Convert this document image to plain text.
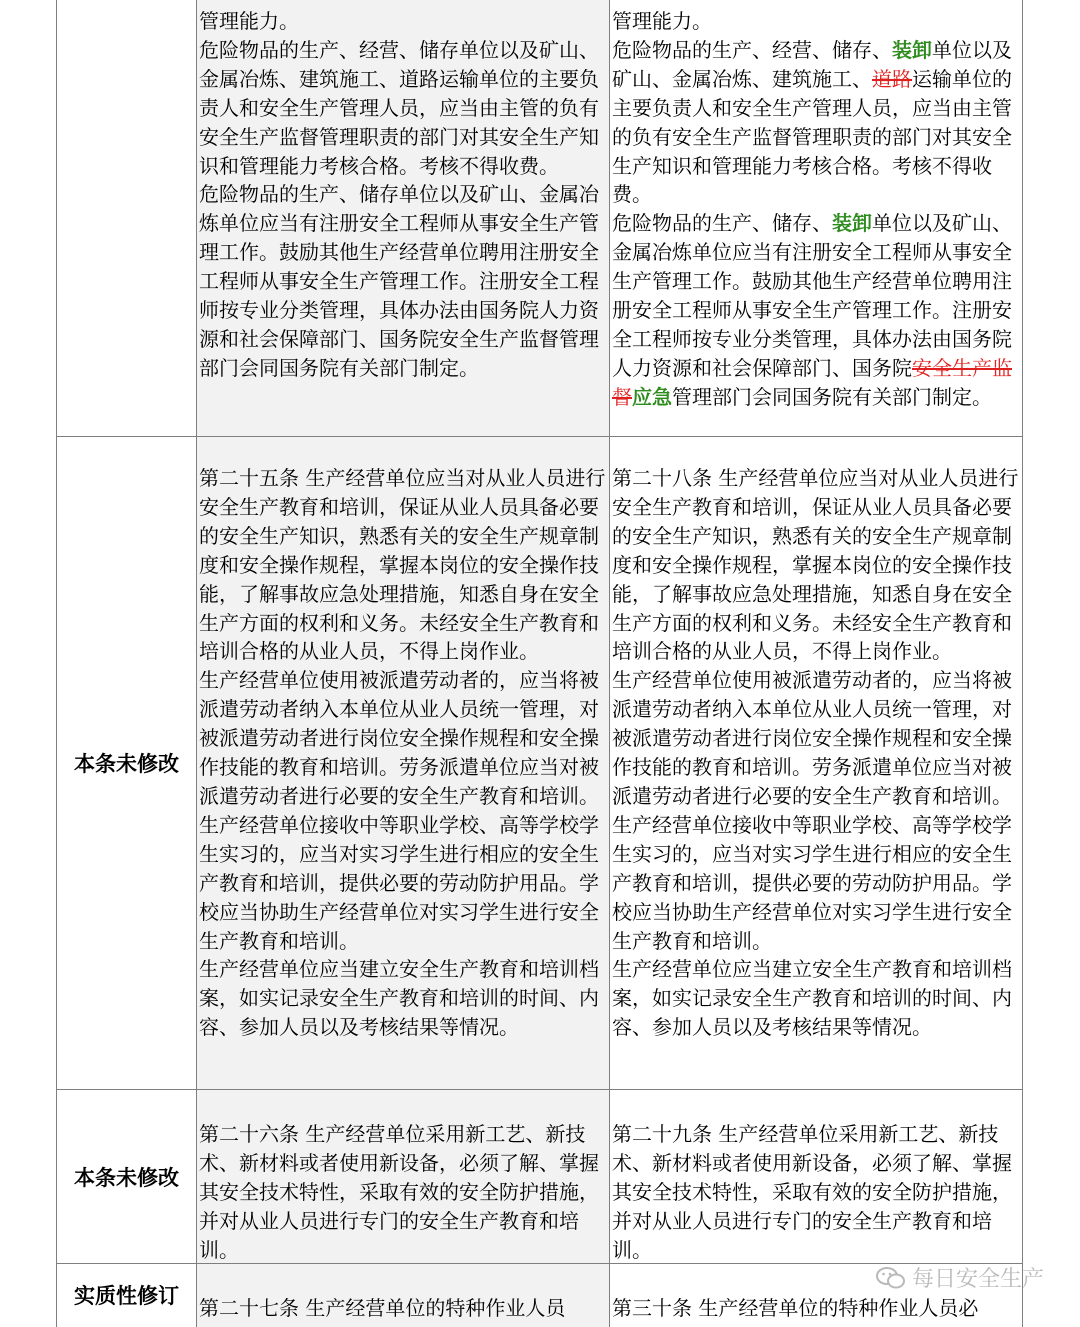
管理能力。

危险物品的生产、经营、储存单位以及矿山、金属冶炼、建筑施工、道路运输单位的主要负责人和安全生产管理人员，应当由主管的负有安全生产监督管理职责的部门对其安全生产知识和管理能力考核合格。考核不得收费。

危险物品的生产、储存单位以及矿山、金属冶炼单位应当有注册安全工程师从事安全生产管理工作。鼓励其他生产经营单位聘用注册安全工程师从事安全生产管理工作。注册安全工程师按专业分类管理，具体办法由国务院人力资源和社会保障部门、国务院安全生产监督管理部门会同国务院有关部门制定。

管理能力。

危险物品的生产、经营、储存、装卸单位以及矿山、金属冶炼、建筑施工、道路运输单位的主要负责人和安全生产管理人员，应当由主管的负有安全生产监督管理职责的部门对其安全生产知识和管理能力考核合格。考核不得收费。

危险物品的生产、储存、装卸单位以及矿山、金属冶炼单位应当有注册安全工程师从事安全生产管理工作。鼓励其他生产经营单位聘用注册安全工程师从事安全生产管理工作。注册安全工程师按专业分类管理，具体办法由国务院人力资源和社会保障部门、国务院安全生产监督应急管理部门会同国务院有关部门制定。

本条未修改

第二十五条 生产经营单位应当对从业人员进行安全生产教育和培训，保证从业人员具备必要的安全生产知识，熟悉有关的安全生产规章制度和安全操作规程，掌握本岗位的安全操作技能，了解事故应急处理措施，知悉自身在安全生产方面的权利和义务。未经安全生产教育和培训合格的从业人员，不得上岗作业。

生产经营单位使用被派遣劳动者的，应当将被派遣劳动者纳入本单位从业人员统一管理，对被派遣劳动者进行岗位安全操作规程和安全操作技能的教育和培训。劳务派遣单位应当对被派遣劳动者进行必要的安全生产教育和培训。

生产经营单位接收中等职业学校、高等学校学生实习的，应当对实习学生进行相应的安全生产教育和培训，提供必要的劳动防护用品。学校应当协助生产经营单位对实习学生进行安全生产教育和培训。

生产经营单位应当建立安全生产教育和培训档案，如实记录安全生产教育和培训的时间、内容、参加人员以及考核结果等情况。

第二十八条 生产经营单位应当对从业人员进行安全生产教育和培训，保证从业人员具备必要的安全生产知识，熟悉有关的安全生产规章制度和安全操作规程，掌握本岗位的安全操作技能，了解事故应急处理措施，知悉自身在安全生产方面的权利和义务。未经安全生产教育和培训合格的从业人员，不得上岗作业。

生产经营单位使用被派遣劳动者的，应当将被派遣劳动者纳入本单位从业人员统一管理，对被派遣劳动者进行岗位安全操作规程和安全操作技能的教育和培训。劳务派遣单位应当对被派遣劳动者进行必要的安全生产教育和培训。

生产经营单位接收中等职业学校、高等学校学生实习的，应当对实习学生进行相应的安全生产教育和培训，提供必要的劳动防护用品。学校应当协助生产经营单位对实习学生进行安全生产教育和培训。

生产经营单位应当建立安全生产教育和培训档案，如实记录安全生产教育和培训的时间、内容、参加人员以及考核结果等情况。

本条未修改

第二十六条 生产经营单位采用新工艺、新技术、新材料或者使用新设备，必须了解、掌握其安全技术特性，采取有效的安全防护措施，并对从业人员进行专门的安全生产教育和培训。

第二十九条 生产经营单位采用新工艺、新技术、新材料或者使用新设备，必须了解、掌握其安全技术特性，采取有效的安全防护措施，并对从业人员进行专门的安全生产教育和培训。

实质性修订	第二十七条 生产经营单位的特种作业人员	第三十条 生产经营单位的特种作业人员必

每日安全生产
